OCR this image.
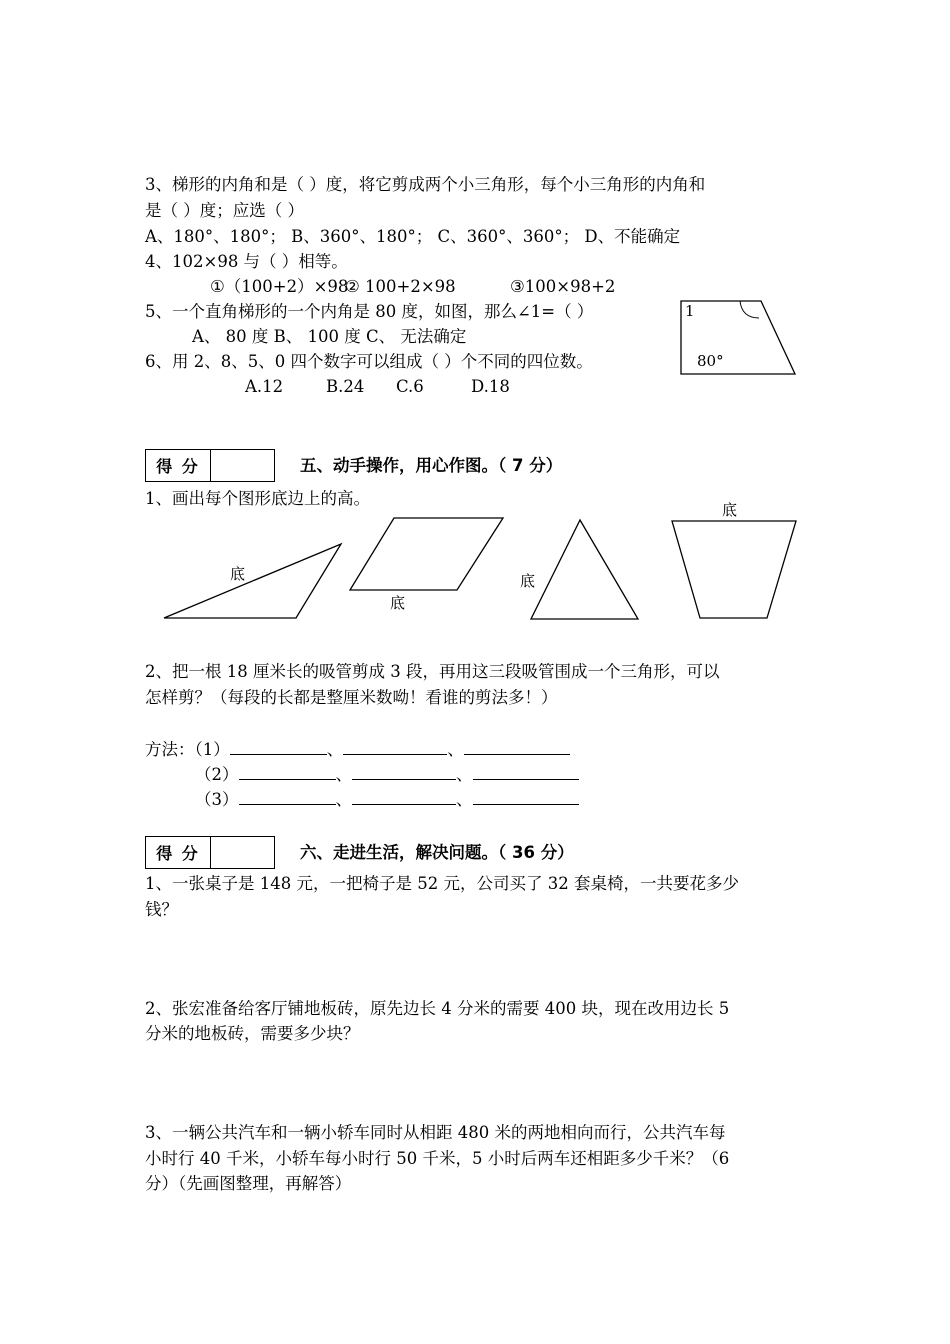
3、梯形的内角和是（ ）度，将它剪成两个小三角形，每个小三角形的内角和
是（ ）度；应选（ ）
A、180°、180°； B、360°、180°； C、360°、360°； D、不能确定
4、102×98 与（ ）相等。
①（100+2）×98
② 100+2×98	③100×98+2
5、一个直角梯形的一个内角是 80 度，如图，那么∠1=（ ）
A、 80 度 B、 100 度 C、 无法确定
1
80°
6、用 2、8、5、0 四个数字可以组成（ ）个不同的四位数。
A.12	B.24 C.6	D.18
得 分	五、动手操作，用心作图。（ 7 分）
1、画出每个图形底边上的高。
底
底
底
底
2、把一根 18 厘米长的吸管剪成 3 段，再用这三段吸管围成一个三角形，可以
怎样剪？（每段的长都是整厘米数呦！看谁的剪法多！）
方法：（1）	、	、
（2）	、	、
（3）	、	、
得 分	六、走进生活，解决问题。（ 36 分）
1、一张桌子是 148 元，一把椅子是 52 元，公司买了 32 套桌椅，一共要花多少
钱？
2、张宏准备给客厅铺地板砖，原先边长 4 分米的需要 400 块，现在改用边长 5
分米的地板砖，需要多少块？
3、一辆公共汽车和一辆小轿车同时从相距 480 米的两地相向而行，公共汽车每
小时行 40 千米，小轿车每小时行 50 千米，5 小时后两车还相距多少千米？（6
分）（先画图整理，再解答）
